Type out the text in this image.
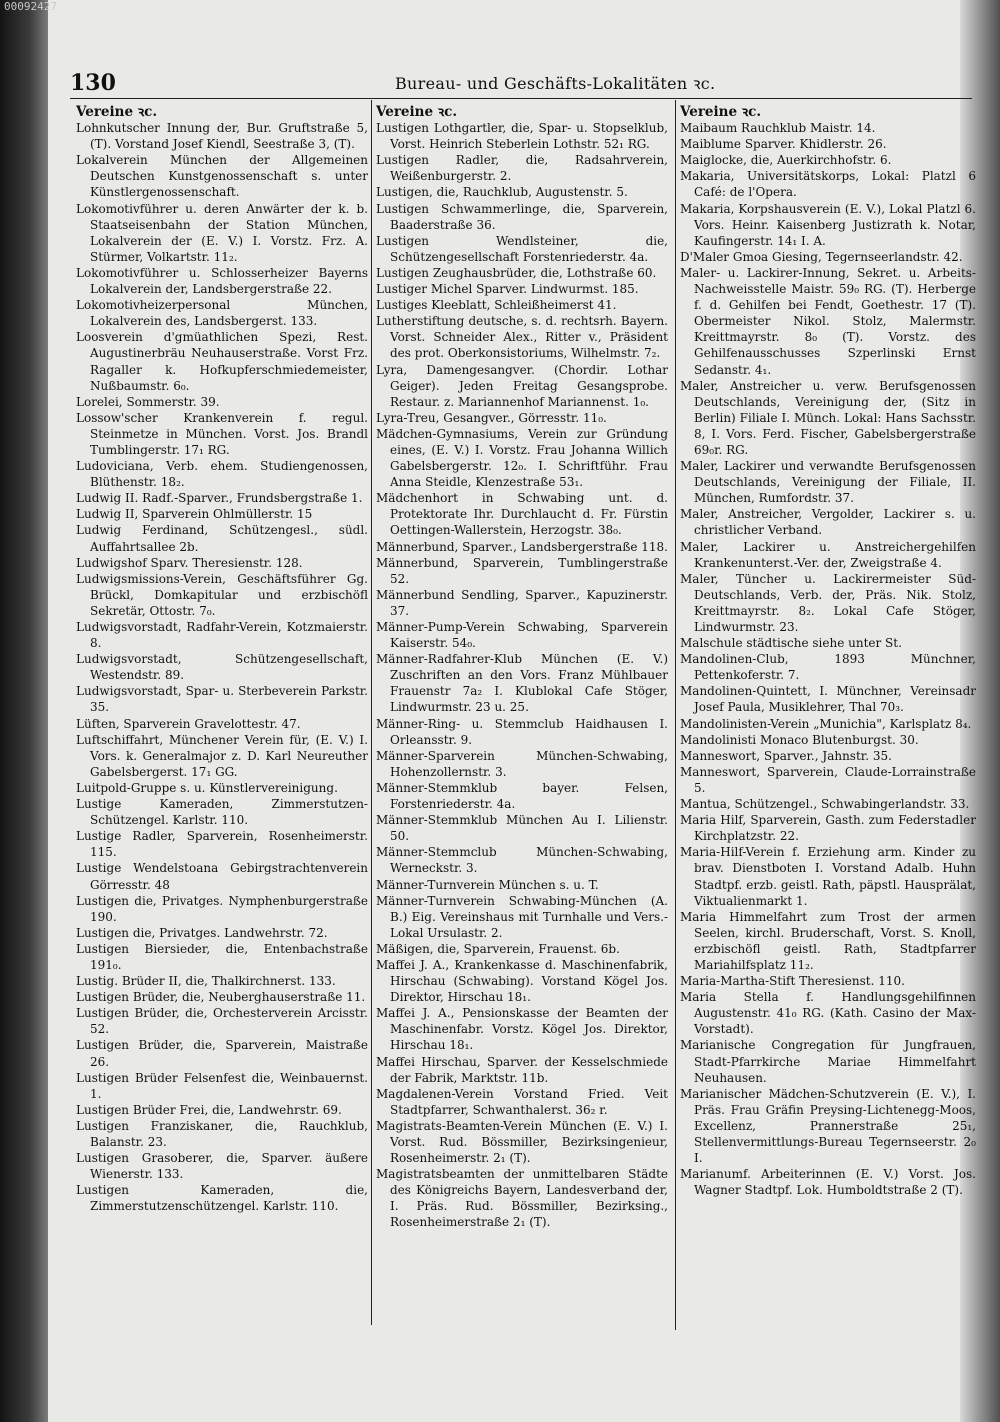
00092427
130	Bureau- und Geschäfts-Lokalitäten ꝛc.
Vereine ꝛc.
Lohnkutscher Innung der, Bur. Gruftstraße 5, (T). Vorstand Josef Kiendl, Seestraße 3, (T).
Lokalverein München der Allgemeinen Deutschen Kunstgenossenschaft s. unter Künstlergenossenschaft.
Lokomotivführer u. deren Anwärter der k. b. Staatseisenbahn der Station München, Lokalverein der (E. V.) I. Vorstz. Frz. A. Stürmer, Volkartstr. 11₂.
Lokomotivführer u. Schlosserheizer Bayerns Lokalverein der, Landsbergerstraße 22.
Lokomotivheizerpersonal München, Lokalverein des, Landsbergerst. 133.
Loosverein d'gmüathlichen Spezi, Rest. Augustinerbräu Neuhauserstraße. Vorst Frz. Ragaller k. Hofkupferschmiedemeister, Nußbaumstr. 6₀.
Lorelei, Sommerstr. 39.
Lossow'scher Krankenverein f. regul. Steinmetze in München. Vorst. Jos. Brandl Tumblingerstr. 17₁ RG.
Ludoviciana, Verb. ehem. Studiengenossen, Blüthenstr. 18₂.
Ludwig II. Radf.-Sparver., Frundsbergstraße 1.
Ludwig II, Sparverein Ohlmüllerstr. 15
Ludwig Ferdinand, Schützengesl., südl. Auffahrtsallee 2b.
Ludwigshof Sparv. Theresienstr. 128.
Ludwigsmissions-Verein, Geschäftsführer Gg. Brückl, Domkapitular und erzbischöfl Sekretär, Ottostr. 7₀.
Ludwigsvorstadt, Radfahr-Verein, Kotzmaierstr. 8.
Ludwigsvorstadt, Schützengesellschaft, Westendstr. 89.
Ludwigsvorstadt, Spar- u. Sterbeverein Parkstr. 35.
Lüften, Sparverein Gravelottestr. 47.
Luftschiffahrt, Münchener Verein für, (E. V.) I. Vors. k. Generalmajor z. D. Karl Neureuther Gabelsbergerst. 17₁ GG.
Luitpold-Gruppe s. u. Künstlervereinigung.
Lustige Kameraden, Zimmerstutzen-Schützengel. Karlstr. 110.
Lustige Radler, Sparverein, Rosenheimerstr. 115.
Lustige Wendelstoana Gebirgstrachtenverein Görresstr. 48
Lustigen die, Privatges. Nymphenburgerstraße 190.
Lustigen die, Privatges. Landwehrstr. 72.
Lustigen Biersieder, die, Entenbachstraße 191₀.
Lustig. Brüder II, die, Thalkirchnerst. 133.
Lustigen Brüder, die, Neuberghauserstraße 11.
Lustigen Brüder, die, Orchesterverein Arcisstr. 52.
Lustigen Brüder, die, Sparverein, Maistraße 26.
Lustigen Brüder Felsenfest die, Weinbauernst. 1.
Lustigen Brüder Frei, die, Landwehrstr. 69.
Lustigen Franziskaner, die, Rauchklub, Balanstr. 23.
Lustigen Grasoberer, die, Sparver. äußere Wienerstr. 133.
Lustigen Kameraden, die, Zimmerstutzenschützengel. Karlstr. 110.
Vereine ꝛc.
Lustigen Lothgartler, die, Spar- u. Stopselklub, Vorst. Heinrich Steberlein Lothstr. 52₁ RG.
Lustigen Radler, die, Radsahrverein, Weißenburgerstr. 2.
Lustigen, die, Rauchklub, Augustenstr. 5.
Lustigen Schwammerlinge, die, Sparverein, Baaderstraße 36.
Lustigen Wendlsteiner, die, Schützengesellschaft Forstenriederstr. 4a.
Lustigen Zeughausbrüder, die, Lothstraße 60.
Lustiger Michel Sparver. Lindwurmst. 185.
Lustiges Kleeblatt, Schleißheimerst 41.
Lutherstiftung deutsche, s. d. rechtsrh. Bayern. Vorst. Schneider Alex., Ritter v., Präsident des prot. Oberkonsistoriums, Wilhelmstr. 7₂.
Lyra, Damengesangver. (Chordir. Lothar Geiger). Jeden Freitag Gesangsprobe. Restaur. z. Mariannenhof Mariannenst. 1₀.
Lyra-Treu, Gesangver., Görresstr. 11₀.
Mädchen-Gymnasiums, Verein zur Gründung eines, (E. V.) I. Vorstz. Frau Johanna Willich Gabelsbergerstr. 12₀. I. Schriftführ. Frau Anna Steidle, Klenzestraße 53₁.
Mädchenhort in Schwabing unt. d. Protektorate Ihr. Durchlaucht d. Fr. Fürstin Oettingen-Wallerstein, Herzogstr. 38₀.
Männerbund, Sparver., Landsbergerstraße 118.
Männerbund, Sparverein, Tumblingerstraße 52.
Männerbund Sendling, Sparver., Kapuzinerstr. 37.
Männer-Pump-Verein Schwabing, Sparverein Kaiserstr. 54₀.
Männer-Radfahrer-Klub München (E. V.) Zuschriften an den Vors. Franz Mühlbauer Frauenstr 7a₂ I. Klublokal Cafe Stöger, Lindwurmstr. 23 u. 25.
Männer-Ring- u. Stemmclub Haidhausen I. Orleansstr. 9.
Männer-Sparverein München-Schwabing, Hohenzollernstr. 3.
Männer-Stemmklub bayer. Felsen, Forstenriederstr. 4a.
Männer-Stemmklub München Au I. Lilienstr. 50.
Männer-Stemmclub München-Schwabing, Werneckstr. 3.
Männer-Turnverein München s. u. T.
Männer-Turnverein Schwabing-München (A. B.) Eig. Vereinshaus mit Turnhalle und Vers.-Lokal Ursulastr. 2.
Mäßigen, die, Sparverein, Frauenst. 6b.
Maffei J. A., Krankenkasse d. Maschinenfabrik, Hirschau (Schwabing). Vorstand Kögel Jos. Direktor, Hirschau 18₁.
Maffei J. A., Pensionskasse der Beamten der Maschinenfabr. Vorstz. Kögel Jos. Direktor, Hirschau 18₁.
Maffei Hirschau, Sparver. der Kesselschmiede der Fabrik, Marktstr. 11b.
Magdalenen-Verein Vorstand Fried. Veit Stadtpfarrer, Schwanthalerst. 36₂ r.
Magistrats-Beamten-Verein München (E. V.) I. Vorst. Rud. Bössmiller, Bezirksingenieur, Rosenheimerstr. 2₁ (T).
Magistratsbeamten der unmittelbaren Städte des Königreichs Bayern, Landesverband der, I. Präs. Rud. Bössmiller, Bezirksing., Rosenheimerstraße 2₁ (T).
Vereine ꝛc.
Maibaum Rauchklub Maistr. 14.
Maiblume Sparver. Khidlerstr. 26.
Maiglocke, die, Auerkirchhofstr. 6.
Makaria, Universitätskorps, Lokal: Platzl 6 Café: de l'Opera.
Makaria, Korpshausverein (E. V.), Lokal Platzl 6. Vors. Heinr. Kaisenberg Justizrath k. Notar, Kaufingerstr. 14₁ I. A.
D'Maler Gmoa Giesing, Tegernseerlandstr. 42.
Maler- u. Lackirer-Innung, Sekret. u. Arbeits-Nachweisstelle Maistr. 59₀ RG. (T). Herberge f. d. Gehilfen bei Fendt, Goethestr. 17 (T). Obermeister Nikol. Stolz, Malermstr. Kreittmayrstr. 8₀ (T). Vorstz. des Gehilfenausschusses Szperlinski Ernst Sedanstr. 4₁.
Maler, Anstreicher u. verw. Berufsgenossen Deutschlands, Vereinigung der, (Sitz in Berlin) Filiale I. Münch. Lokal: Hans Sachsstr. 8, I. Vors. Ferd. Fischer, Gabelsbergerstraße 69₀r. RG.
Maler, Lackirer und verwandte Berufsgenossen Deutschlands, Vereinigung der Filiale, II. München, Rumfordstr. 37.
Maler, Anstreicher, Vergolder, Lackirer s. u. christlicher Verband.
Maler, Lackirer u. Anstreichergehilfen Krankenunterst.-Ver. der, Zweigstraße 4.
Maler, Tüncher u. Lackirermeister Süd-Deutschlands, Verb. der, Präs. Nik. Stolz, Kreittmayrstr. 8₂. Lokal Cafe Stöger, Lindwurmstr. 23.
Malschule städtische siehe unter St.
Mandolinen-Club, 1893 Münchner, Pettenkoferstr. 7.
Mandolinen-Quintett, I. Münchner, Vereinsadr Josef Paula, Musiklehrer, Thal 70₃.
Mandolinisten-Verein „Munichia", Karlsplatz 8₄.
Mandolinisti Monaco Blutenburgst. 30.
Manneswort, Sparver., Jahnstr. 35.
Manneswort, Sparverein, Claude-Lorrainstraße 5.
Mantua, Schützengel., Schwabingerlandstr. 33.
Maria Hilf, Sparverein, Gasth. zum Federstadler Kirchplatzstr. 22.
Maria-Hilf-Verein f. Erziehung arm. Kinder zu brav. Dienstboten I. Vorstand Adalb. Huhn Stadtpf. erzb. geistl. Rath, päpstl. Hausprälat, Viktualienmarkt 1.
Maria Himmelfahrt zum Trost der armen Seelen, kirchl. Bruderschaft, Vorst. S. Knoll, erzbischöfl geistl. Rath, Stadtpfarrer Mariahilfsplatz 11₂.
Maria-Martha-Stift Theresienst. 110.
Maria Stella f. Handlungsgehilfinnen Augustenstr. 41₀ RG. (Kath. Casino der Max-Vorstadt).
Marianische Congregation für Jungfrauen, Stadt-Pfarrkirche Mariae Himmelfahrt Neuhausen.
Marianischer Mädchen-Schutzverein (E. V.), I. Präs. Frau Gräfin Preysing-Lichtenegg-Moos, Excellenz, Prannerstraße 25₁, Stellenvermittlungs-Bureau Tegernseerstr. 2₀ I.
Marianumf. Arbeiterinnen (E. V.) Vorst. Jos. Wagner Stadtpf. Lok. Humboldtstraße 2 (T).
